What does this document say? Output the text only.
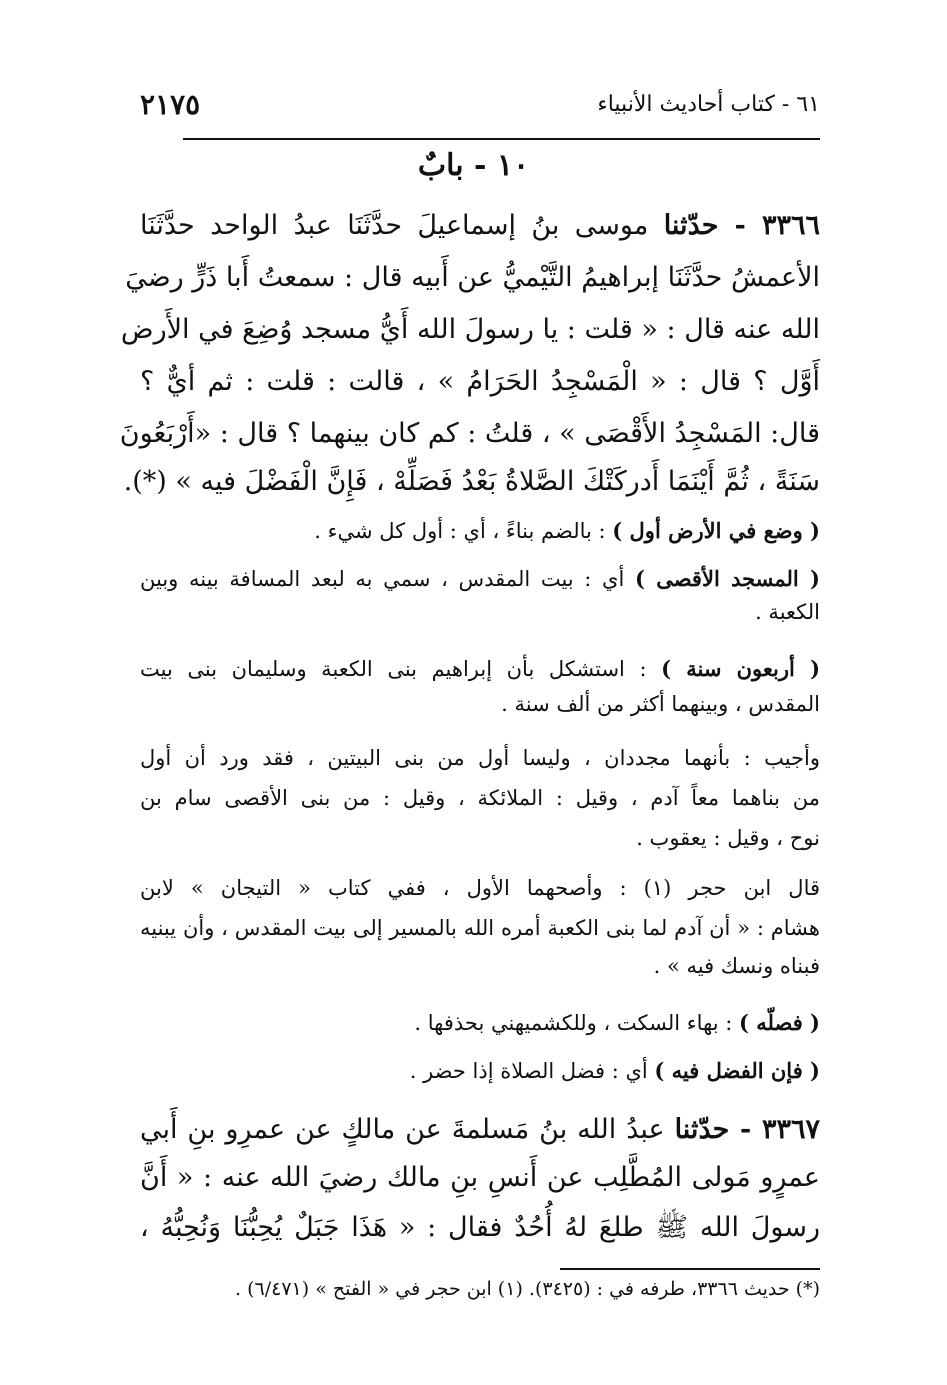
٦١ - كتاب أحاديث الأنبياء
٢١٧٥
١٠ - بابٌ
٣٣٦٦ - حدّثنا موسى بنُ إسماعيلَ حدَّثَنَا عبدُ الواحد حدَّثَنَا
الأعمشُ حدَّثَنَا إبراهيمُ التَّيْميُّ عن أَبيه قال : سمعتُ أَبا ذَرٍّ رضيَ
الله عنه قال : « قلت : يا رسولَ الله أَيُّ مسجد وُضِعَ في الأَرض
أَوَّل ؟ قال : « الْمَسْجِدُ الحَرَامُ » ، قالت : قلت : ثم أيٌّ ؟
قال: المَسْجِدُ الأَقْصَى » ، قلتُ : كم كان بينهما ؟ قال : «أَرْبَعُونَ
سَنَةً ، ثُمَّ أَيْنَمَا أَدركَتْكَ الصَّلاةُ بَعْدُ فَصَلِّهْ ، فَإِنَّ الْفَضْلَ فيه » (*).
( وضع في الأرض أول ) : بالضم بناءً ، أي : أول كل شيء .
( المسجد الأقصى ) أي : بيت المقدس ، سمي به لبعد المسافة بينه وبين
الكعبة .
( أربعون سنة ) : استشكل بأن إبراهيم بنى الكعبة وسليمان بنى بيت
المقدس ، وبينهما أكثر من ألف سنة .
وأجيب : بأنهما مجددان ، وليسا أول من بنى البيتين ، فقد ورد أن أول
من بناهما معاً آدم ، وقيل : الملائكة ، وقيل : من بنى الأقصى سام بن
نوح ، وقيل : يعقوب .
قال ابن حجر (١) : وأصحهما الأول ، ففي كتاب « التيجان » لابن
هشام : « أن آدم لما بنى الكعبة أمره الله بالمسير إلى بيت المقدس ، وأن يبنيه
فبناه ونسك فيه » .
( فصلّه ) : بهاء السكت ، وللكشميهني بحذفها .
( فإن الفضل فيه ) أي : فضل الصلاة إذا حضر .
٣٣٦٧ - حدّثنا عبدُ الله بنُ مَسلمةَ عن مالكٍ عن عمرِو بنِ أَبي
عمرٍو مَولى المُطَّلِب عن أَنسِ بنِ مالك رضيَ الله عنه : « أَنَّ
رسولَ الله ﷺ طلعَ لهُ أُحُدٌ فقال : « هَذَا جَبَلٌ يُحِبُّنَا وَنُحِبُّهُ ،
(*) حديث ٣٣٦٦، طرفه في : (٣٤٢٥). (١) ابن حجر في « الفتح » (٦/٤٧١) .
